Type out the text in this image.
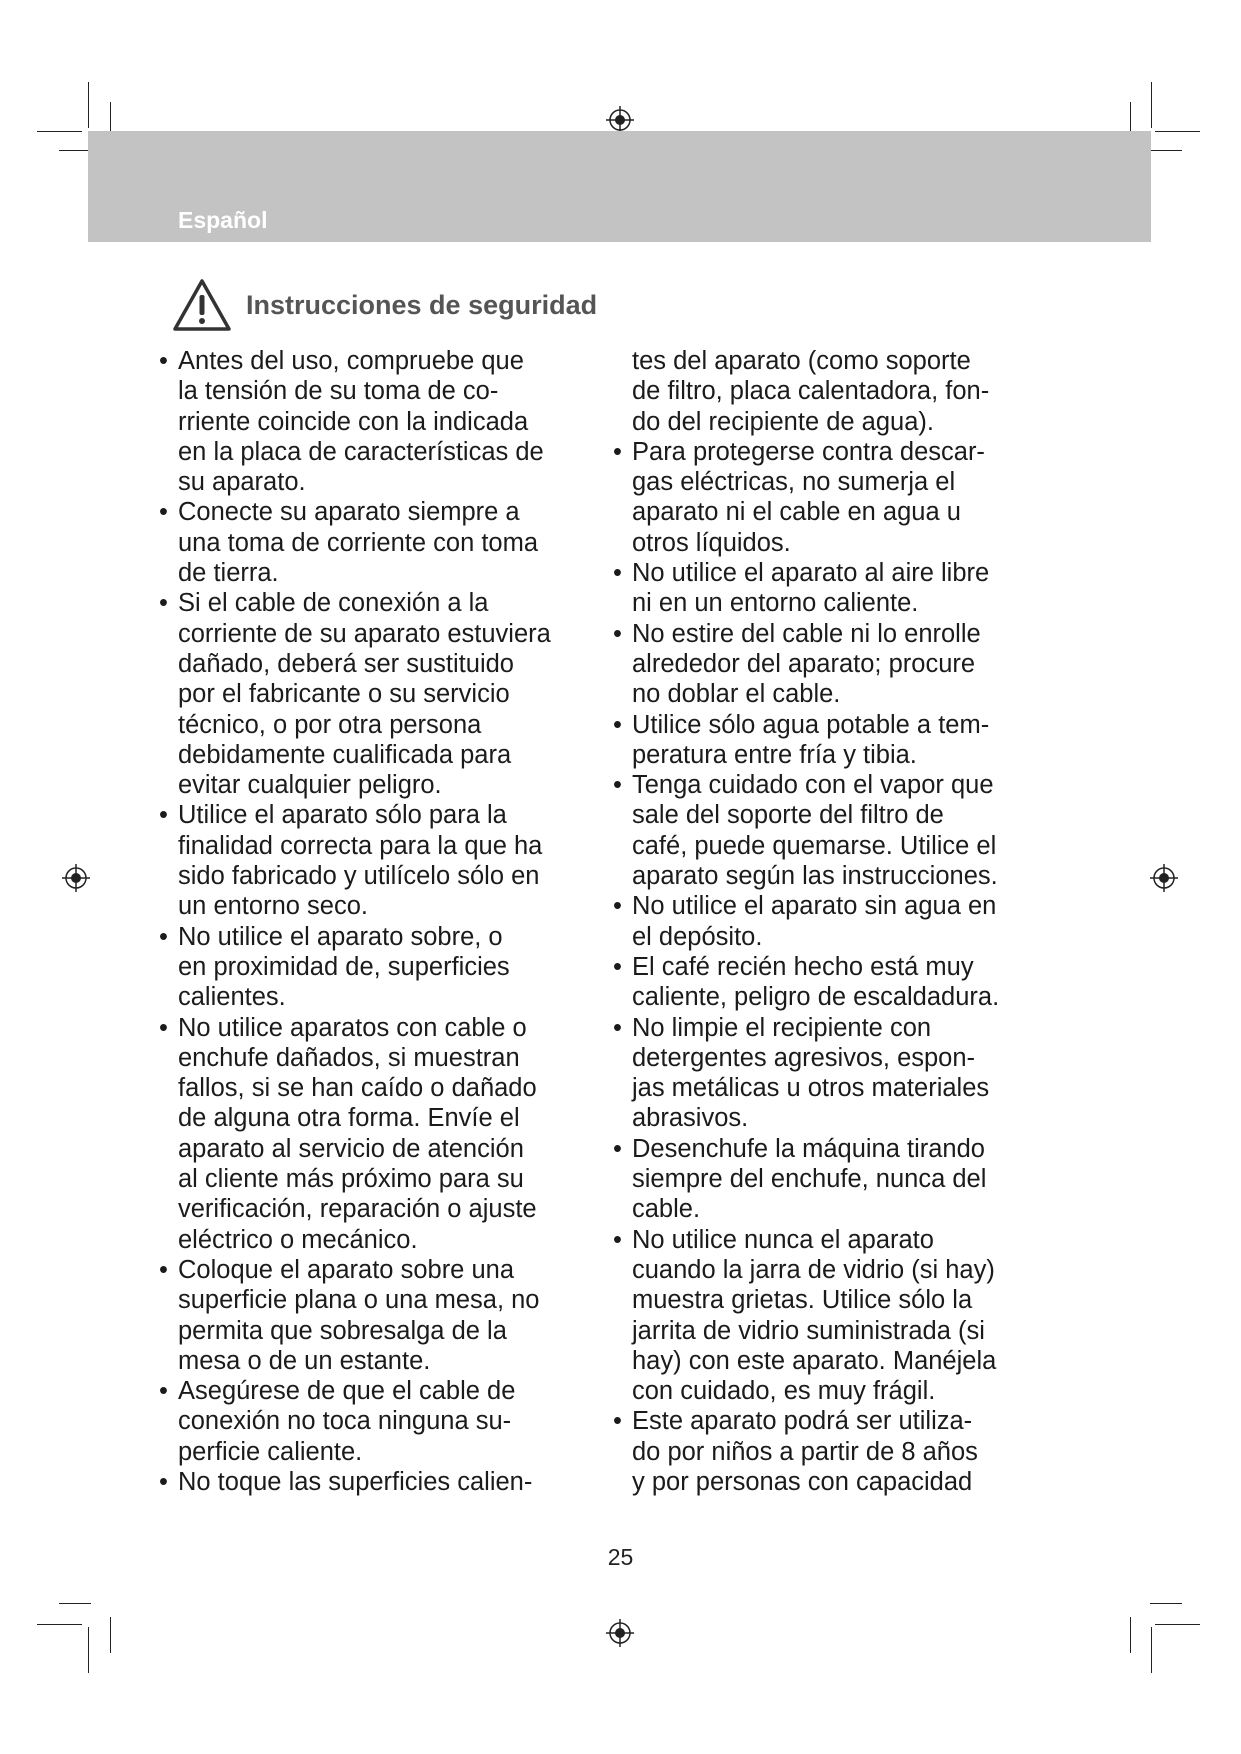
Español
Instrucciones de seguridad
• Antes del uso, compruebe que
la tensión de su toma de co-
rriente coincide con la indicada
en la placa de características de
su aparato.
• Conecte su aparato siempre a
una toma de corriente con toma
de tierra.
• Si el cable de conexión a la
corriente de su aparato estuviera
dañado, deberá ser sustituido
por el fabricante o su servicio
técnico, o por otra persona
debidamente cualificada para
evitar cualquier peligro.
• Utilice el aparato sólo para la
finalidad correcta para la que ha
sido fabricado y utilícelo sólo en
un entorno seco.
• No utilice el aparato sobre, o
en proximidad de, superficies
calientes.
• No utilice aparatos con cable o
enchufe dañados, si muestran
fallos, si se han caído o dañado
de alguna otra forma. Envíe el
aparato al servicio de atención
al cliente más próximo para su
verificación, reparación o ajuste
eléctrico o mecánico.
• Coloque el aparato sobre una
superficie plana o una mesa, no
permita que sobresalga de la
mesa o de un estante.
• Asegúrese de que el cable de
conexión no toca ninguna su-
perficie caliente.
• No toque las superficies calien-
tes del aparato (como soporte
de filtro, placa calentadora, fon-
do del recipiente de agua).
• Para protegerse contra descar-
gas eléctricas, no sumerja el
aparato ni el cable en agua u
otros líquidos.
• No utilice el aparato al aire libre
ni en un entorno caliente.
• No estire del cable ni lo enrolle
alrededor del aparato; procure
no doblar el cable.
• Utilice sólo agua potable a tem-
peratura entre fría y tibia.
• Tenga cuidado con el vapor que
sale del soporte del filtro de
café, puede quemarse. Utilice el
aparato según las instrucciones.
• No utilice el aparato sin agua en
el depósito.
• El café recién hecho está muy
caliente, peligro de escaldadura.
• No limpie el recipiente con
detergentes agresivos, espon-
jas metálicas u otros materiales
abrasivos.
• Desenchufe la máquina tirando
siempre del enchufe, nunca del
cable.
• No utilice nunca el aparato
cuando la jarra de vidrio (si hay)
muestra grietas. Utilice sólo la
jarrita de vidrio suministrada (si
hay) con este aparato. Manéjela
con cuidado, es muy frágil.
• Este aparato podrá ser utiliza-
do por niños a partir de 8 años
y por personas con capacidad
25
